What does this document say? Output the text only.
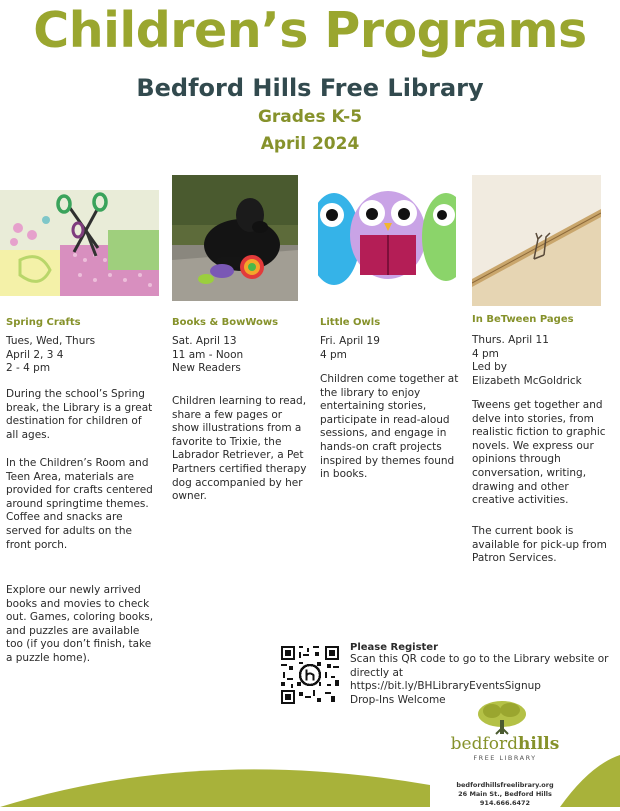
Children’s Programs
Bedford Hills Free Library
Grades K-5
April 2024
Spring Crafts
Tues, Wed, Thurs
April 2, 3 4
2 - 4 pm
During the school’s Spring break, the Library is a great destination for children of all ages.
In the Children’s Room and Teen Area, materials are provided for crafts centered around springtime themes. Coffee and snacks are served for adults on the front porch.
Explore our newly arrived books and movies to check out. Games, coloring books, and puzzles are available too (if you don’t finish, take a puzzle home).
Books & BowWows
Sat. April 13
11 am - Noon
New Readers
Children learning to read, share a few pages or show illustrations from a favorite to Trixie, the Labrador Retriever, a Pet Partners certified therapy dog accompanied by her owner.
Little Owls
Fri. April 19
4 pm
Children come together at the library to enjoy entertaining stories, participate in read-aloud sessions, and engage in hands-on craft projects inspired by themes found in books.
In BeTween Pages
Thurs. April 11
4 pm
Led by
Elizabeth McGoldrick
Tweens get together and delve into stories, from realistic fiction to graphic novels. We express our opinions through conversation, writing, drawing and other creative activities.
The current book is available for pick-up from Patron Services.
Please Register
Scan this QR code to go to the Library website or directly at
https://bit.ly/BHLibraryEventsSignup
Drop-Ins Welcome
bedfordhills
FREE LIBRARY
bedfordhillsfreelibrary.org
26 Main St., Bedford Hills
914.666.6472
